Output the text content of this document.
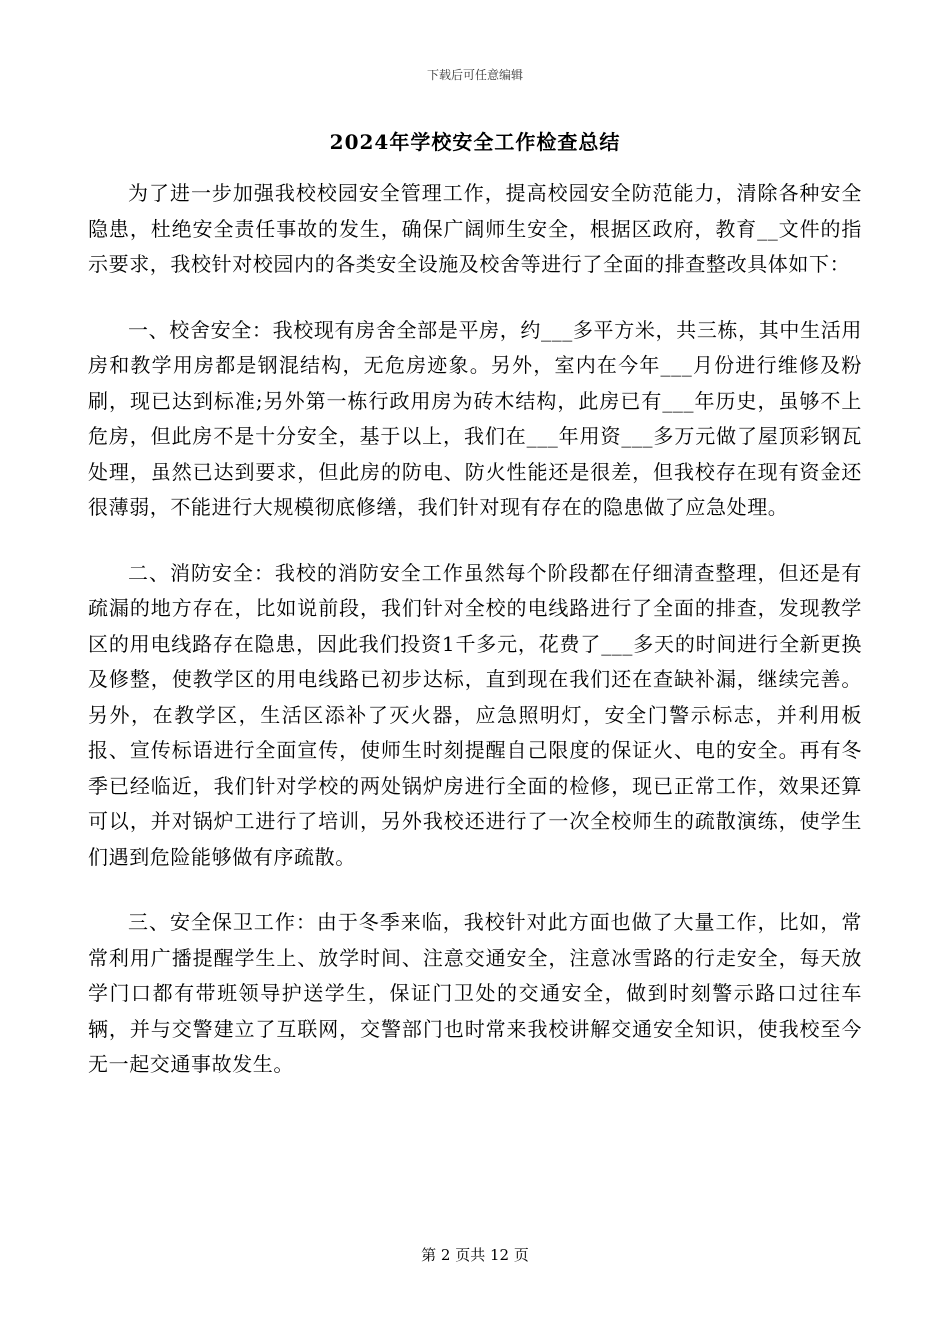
下载后可任意编辑
2024年学校安全工作检查总结

为了进一步加强我校校园安全管理工作，提高校园安全防范能力，清除各种安全隐患，杜绝安全责任事故的发生，确保广阔师生安全，根据区政府，教育__文件的指示要求，我校针对校园内的各类安全设施及校舍等进行了全面的排查整改具体如下：

一、校舍安全：我校现有房舍全部是平房，约___多平方米，共三栋，其中生活用房和教学用房都是钢混结构，无危房迹象。另外，室内在今年___月份进行维修及粉刷，现已达到标准;另外第一栋行政用房为砖木结构，此房已有___年历史，虽够不上危房，但此房不是十分安全，基于以上，我们在___年用资___多万元做了屋顶彩钢瓦处理，虽然已达到要求，但此房的防电、防火性能还是很差，但我校存在现有资金还很薄弱，不能进行大规模彻底修缮，我们针对现有存在的隐患做了应急处理。

二、消防安全：我校的消防安全工作虽然每个阶段都在仔细清查整理，但还是有疏漏的地方存在，比如说前段，我们针对全校的电线路进行了全面的排查，发现教学区的用电线路存在隐患，因此我们投资1千多元，花费了___多天的时间进行全新更换及修整，使教学区的用电线路已初步达标，直到现在我们还在查缺补漏，继续完善。另外，在教学区，生活区添补了灭火器，应急照明灯，安全门警示标志，并利用板报、宣传标语进行全面宣传，使师生时刻提醒自己限度的保证火、电的安全。再有冬季已经临近，我们针对学校的两处锅炉房进行全面的检修，现已正常工作，效果还算可以，并对锅炉工进行了培训，另外我校还进行了一次全校师生的疏散演练，使学生们遇到危险能够做有序疏散。

三、安全保卫工作：由于冬季来临，我校针对此方面也做了大量工作，比如，常常利用广播提醒学生上、放学时间、注意交通安全，注意冰雪路的行走安全，每天放学门口都有带班领导护送学生，保证门卫处的交通安全，做到时刻警示路口过往车辆，并与交警建立了互联网，交警部门也时常来我校讲解交通安全知识，使我校至今无一起交通事故发生。

第 2 页共 12 页
